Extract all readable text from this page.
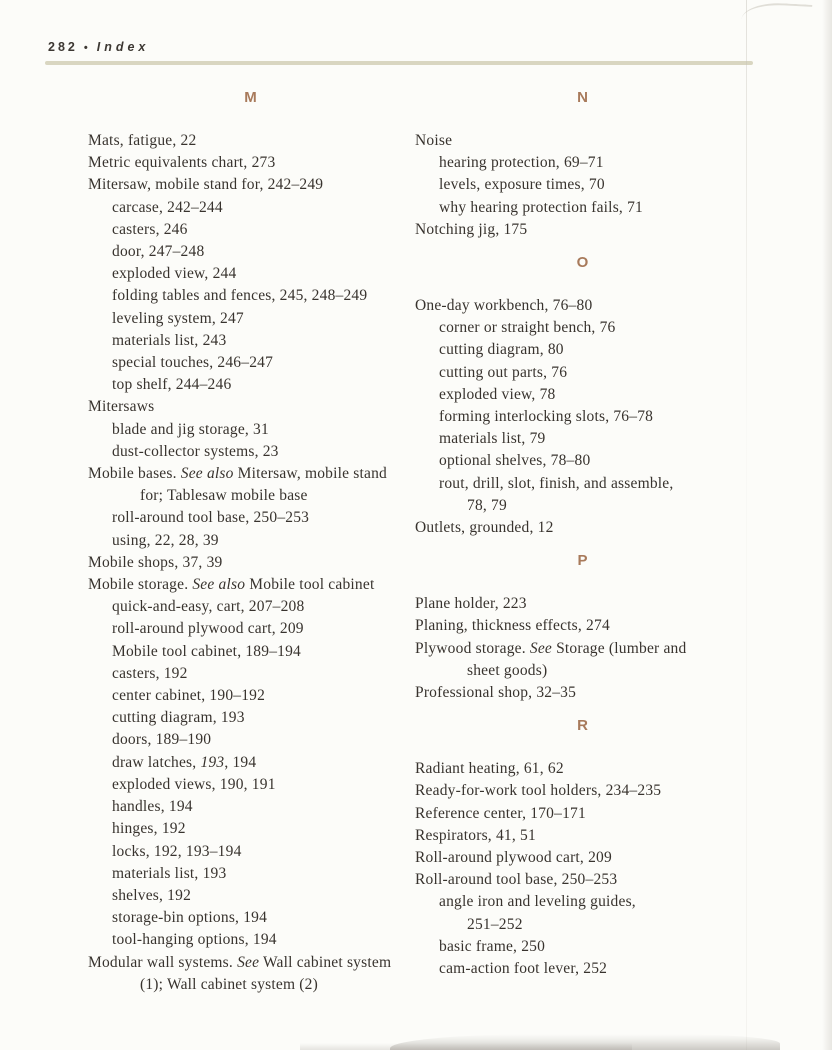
282 • Index
M
Mats, fatigue, 22
Metric equivalents chart, 273
Mitersaw, mobile stand for, 242–249
carcase, 242–244
casters, 246
door, 247–248
exploded view, 244
folding tables and fences, 245, 248–249
leveling system, 247
materials list, 243
special touches, 246–247
top shelf, 244–246
Mitersaws
blade and jig storage, 31
dust-collector systems, 23
Mobile bases. See also Mitersaw, mobile stand
for; Tablesaw mobile base
roll-around tool base, 250–253
using, 22, 28, 39
Mobile shops, 37, 39
Mobile storage. See also Mobile tool cabinet
quick-and-easy, cart, 207–208
roll-around plywood cart, 209
Mobile tool cabinet, 189–194
casters, 192
center cabinet, 190–192
cutting diagram, 193
doors, 189–190
draw latches, 193, 194
exploded views, 190, 191
handles, 194
hinges, 192
locks, 192, 193–194
materials list, 193
shelves, 192
storage-bin options, 194
tool-hanging options, 194
Modular wall systems. See Wall cabinet system
(1); Wall cabinet system (2)
N
Noise
hearing protection, 69–71
levels, exposure times, 70
why hearing protection fails, 71
Notching jig, 175
O
One-day workbench, 76–80
corner or straight bench, 76
cutting diagram, 80
cutting out parts, 76
exploded view, 78
forming interlocking slots, 76–78
materials list, 79
optional shelves, 78–80
rout, drill, slot, finish, and assemble,
78, 79
Outlets, grounded, 12
P
Plane holder, 223
Planing, thickness effects, 274
Plywood storage. See Storage (lumber and
sheet goods)
Professional shop, 32–35
R
Radiant heating, 61, 62
Ready-for-work tool holders, 234–235
Reference center, 170–171
Respirators, 41, 51
Roll-around plywood cart, 209
Roll-around tool base, 250–253
angle iron and leveling guides,
251–252
basic frame, 250
cam-action foot lever, 252
